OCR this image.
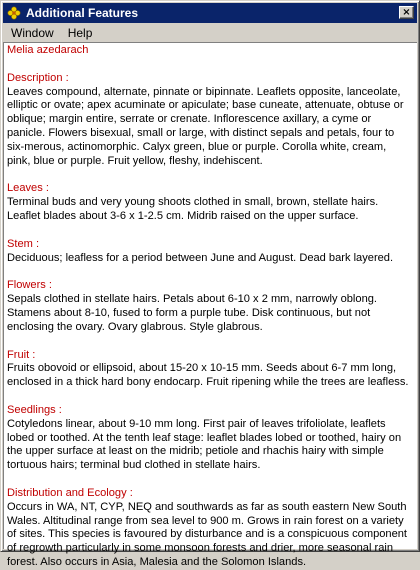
Additional Features	×
Window	Help

Melia azedarach

Description :

Leaves compound, alternate, pinnate or bipinnate. Leaflets opposite, lanceolate, elliptic or ovate; apex acuminate or apiculate; base cuneate, attenuate, obtuse or oblique; margin entire, serrate or crenate. Inflorescence axillary, a cyme or panicle. Flowers bisexual, small or large, with distinct sepals and petals, four to six-merous, actinomorphic. Calyx green, blue or purple. Corolla white, cream, pink, blue or purple. Fruit yellow, fleshy, indehiscent.

Leaves :

Terminal buds and very young shoots clothed in small, brown, stellate hairs. Leaflet blades about 3-6 x 1-2.5 cm. Midrib raised on the upper surface.

Stem :

Deciduous; leafless for a period between June and August. Dead bark layered.

Flowers :

Sepals clothed in stellate hairs. Petals about 6-10 x 2 mm, narrowly oblong. Stamens about 8-10, fused to form a purple tube. Disk continuous, but not enclosing the ovary. Ovary glabrous. Style glabrous.

Fruit :

Fruits obovoid or ellipsoid, about 15-20 x 10-15 mm. Seeds about 6-7 mm long, enclosed in a thick hard bony endocarp. Fruit ripening while the trees are leafless.

Seedlings :

Cotyledons linear, about 9-10 mm long. First pair of leaves trifoliolate, leaflets lobed or toothed. At the tenth leaf stage: leaflet blades lobed or toothed, hairy on the upper surface at least on the midrib; petiole and rhachis hairy with simple tortuous hairs; terminal bud clothed in stellate hairs.

Distribution and Ecology :

Occurs in WA, NT, CYP, NEQ and southwards as far as south eastern New South Wales. Altitudinal range from sea level to 900 m. Grows in rain forest on a variety of sites. This species is favoured by disturbance and is a conspicuous component of regrowth particularly in some monsoon forests and drier, more seasonal rain forest. Also occurs in Asia, Malesia and the Solomon Islands.
